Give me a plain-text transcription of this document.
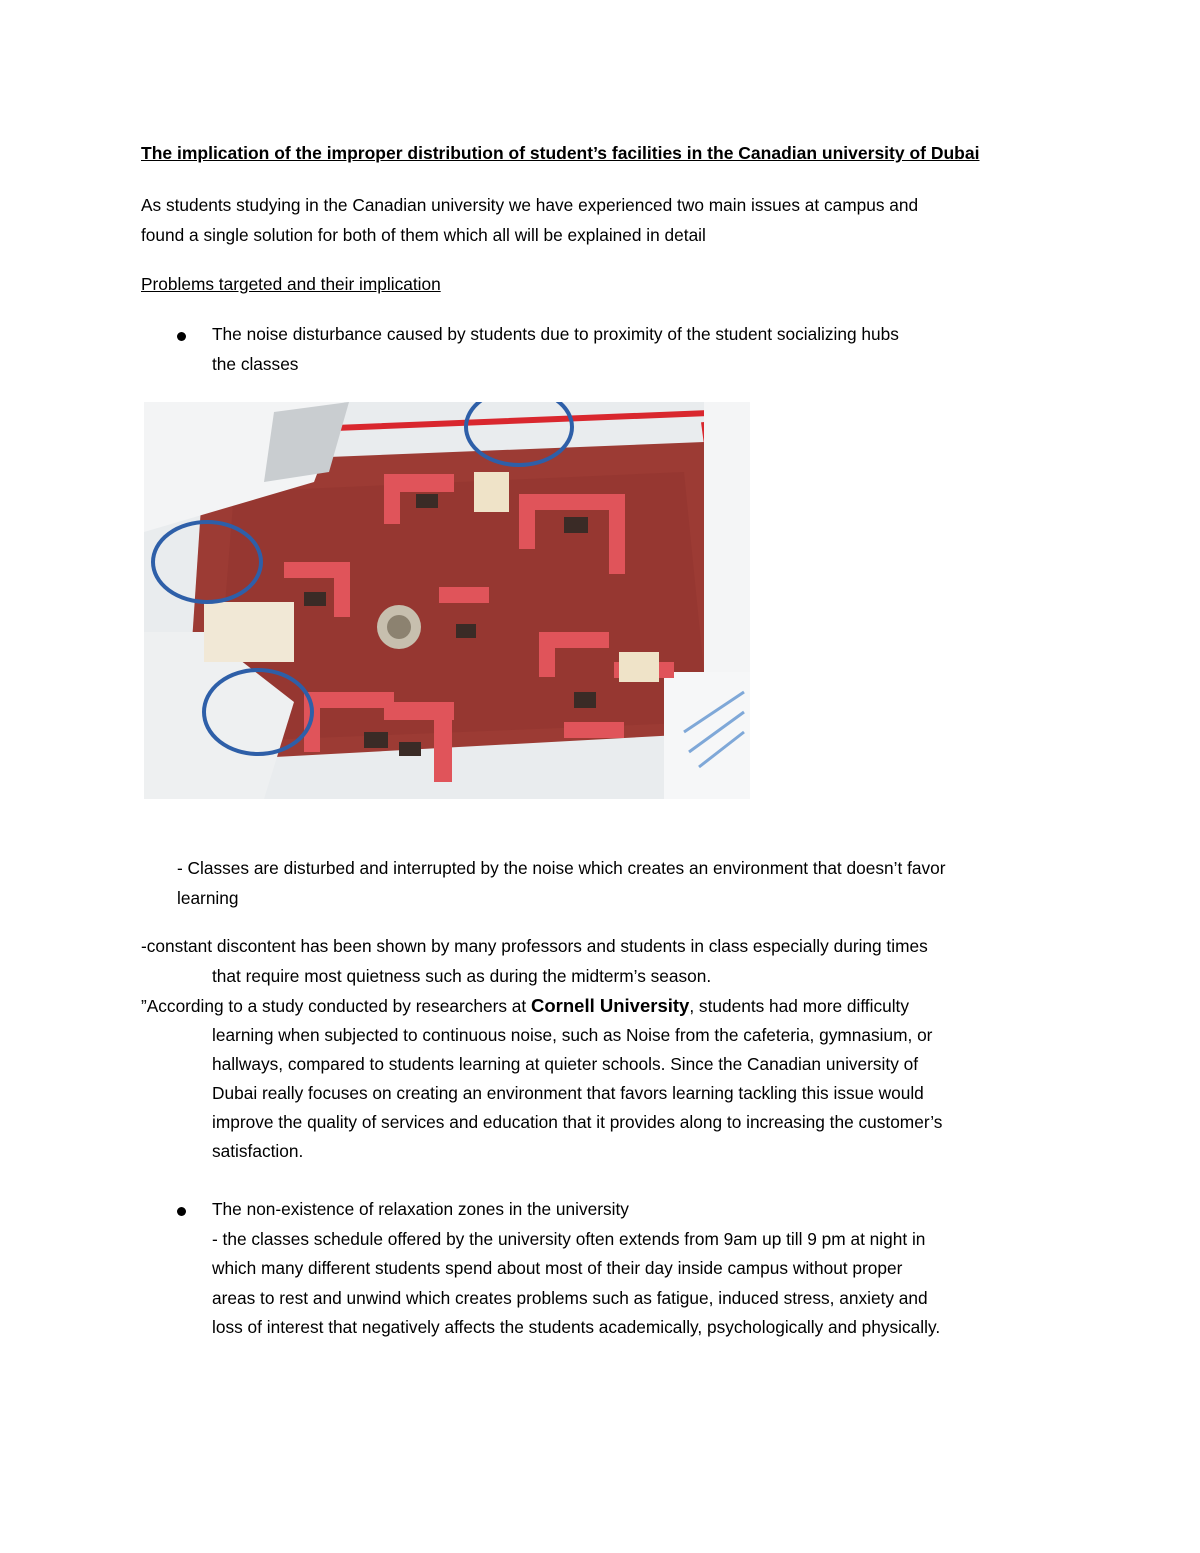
The implication of the improper distribution of student’s facilities in the Canadian university of Dubai
As students studying in the Canadian university we have experienced two main issues at campus and
found a single solution for both of them which all will be explained in detail
Problems targeted and their implication
The noise disturbance caused by students due to proximity of the student socializing hubs
the classes
- Classes are disturbed and interrupted by the noise which creates an environment that doesn’t favor
learning
-constant discontent has been shown by many professors and students in class especially during times
that require most quietness such as during the midterm’s season.
”According to a study conducted by researchers at Cornell University, students had more difficulty
learning when subjected to continuous noise, such as Noise from the cafeteria, gymnasium, or
hallways, compared to students learning at quieter schools. Since the Canadian university of
Dubai really focuses on creating an environment that favors learning tackling this issue would
improve the quality of services and education that it provides along to increasing the customer’s
satisfaction.
The non-existence of relaxation zones in the university
- the classes schedule offered by the university often extends from 9am up till 9 pm at night in
which many different students spend about most of their day inside campus without proper
areas to rest and unwind which creates problems such as fatigue, induced stress, anxiety and
loss of interest that negatively affects the students academically, psychologically and physically.
